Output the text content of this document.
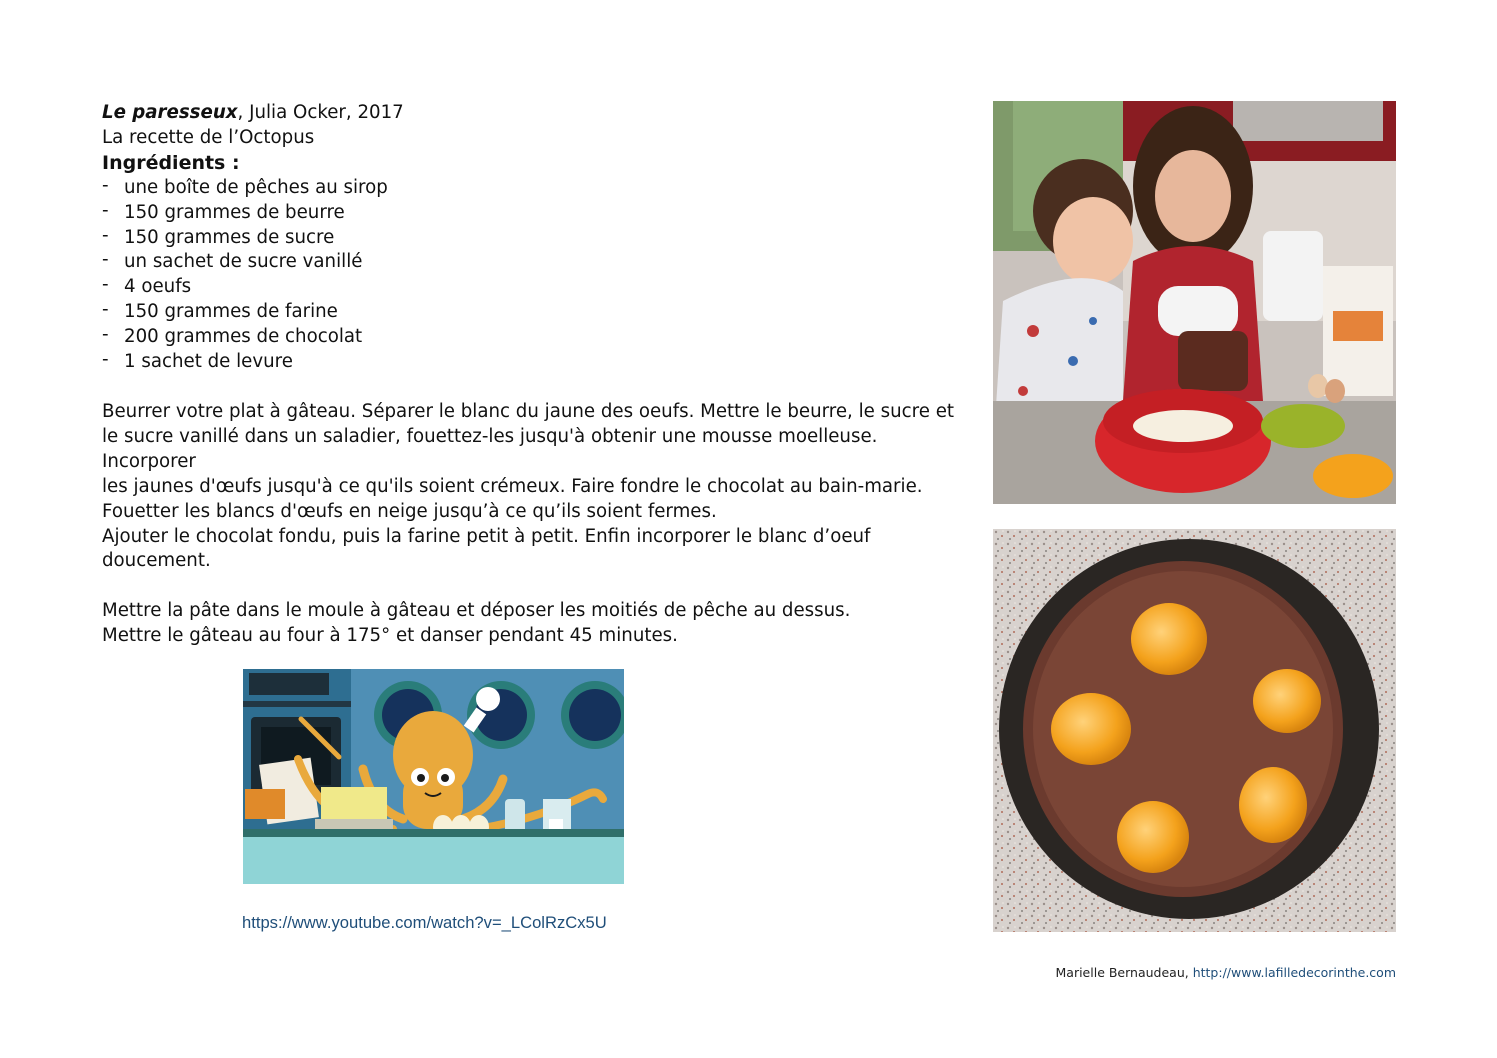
Le paresseux, Julia Ocker, 2017

La recette de l’Octopus

Ingrédients :

- une boîte de pêches au sirop
- 150 grammes de beurre
- 150 grammes de sucre
- un sachet de sucre vanillé
- 4 oeufs
- 150 grammes de farine
- 200 grammes de chocolat
- 1 sachet de levure

Beurrer votre plat à gâteau. Séparer le blanc du jaune des oeufs. Mettre le beurre, le sucre et

le sucre vanillé dans un saladier, fouettez-les jusqu'à obtenir une mousse moelleuse. Incorporer

les jaunes d'œufs jusqu'à ce qu'ils soient crémeux. Faire fondre le chocolat au bain-marie.

Fouetter les blancs d'œufs en neige jusqu’à ce qu’ils soient fermes.

Ajouter le chocolat fondu, puis la farine petit à petit. Enfin incorporer le blanc d’oeuf doucement.

Mettre la pâte dans le moule à gâteau et déposer les moitiés de pêche au dessus.

Mettre le gâteau au four à 175° et danser pendant 45 minutes.

https://www.youtube.com/watch?v=_LColRzCx5U
Marielle Bernaudeau, http://www.lafilledecorinthe.com
